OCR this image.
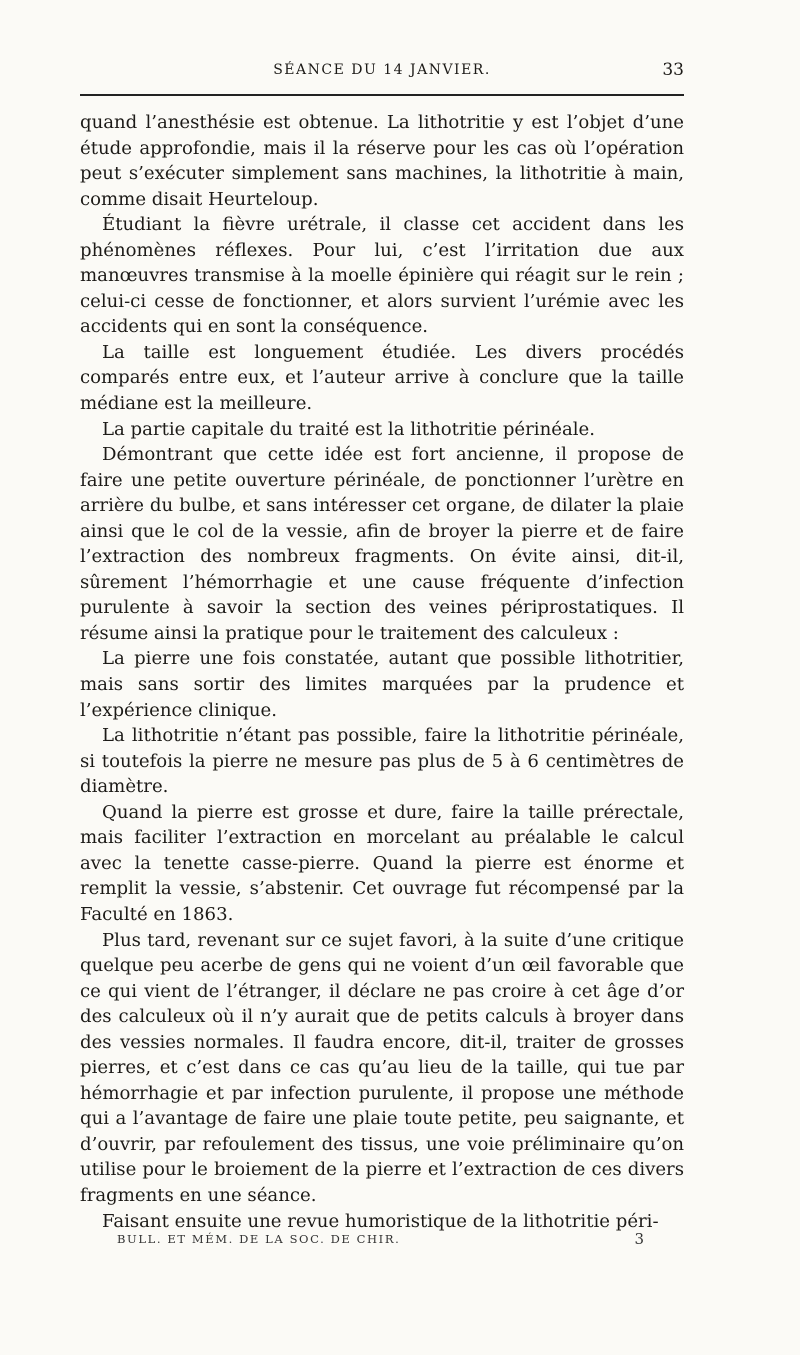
SÉANCE DU 14 JANVIER.	33

quand l’anesthésie est obtenue. La lithotritie y est l’objet d’une étude approfondie, mais il la réserve pour les cas où l’opération peut s’exécuter simplement sans machines, la lithotritie à main, comme disait Heurteloup.

Étudiant la fièvre urétrale, il classe cet accident dans les phénomènes réflexes. Pour lui, c’est l’irritation due aux manœuvres transmise à la moelle épinière qui réagit sur le rein ; celui-ci cesse de fonctionner, et alors survient l’urémie avec les accidents qui en sont la conséquence.

La taille est longuement étudiée. Les divers procédés comparés entre eux, et l’auteur arrive à conclure que la taille médiane est la meilleure.

La partie capitale du traité est la lithotritie périnéale.

Démontrant que cette idée est fort ancienne, il propose de faire une petite ouverture périnéale, de ponctionner l’urètre en arrière du bulbe, et sans intéresser cet organe, de dilater la plaie ainsi que le col de la vessie, afin de broyer la pierre et de faire l’extraction des nombreux fragments. On évite ainsi, dit-il, sûrement l’hémorrhagie et une cause fréquente d’infection purulente à savoir la section des veines périprostatiques. Il résume ainsi la pratique pour le traitement des calculeux :

La pierre une fois constatée, autant que possible lithotritier, mais sans sortir des limites marquées par la prudence et l’expérience clinique.

La lithotritie n’étant pas possible, faire la lithotritie périnéale, si toutefois la pierre ne mesure pas plus de 5 à 6 centimètres de diamètre.

Quand la pierre est grosse et dure, faire la taille prérectale, mais faciliter l’extraction en morcelant au préalable le calcul avec la tenette casse-pierre. Quand la pierre est énorme et remplit la vessie, s’abstenir. Cet ouvrage fut récompensé par la Faculté en 1863.

Plus tard, revenant sur ce sujet favori, à la suite d’une critique quelque peu acerbe de gens qui ne voient d’un œil favorable que ce qui vient de l’étranger, il déclare ne pas croire à cet âge d’or des calculeux où il n’y aurait que de petits calculs à broyer dans des vessies normales. Il faudra encore, dit-il, traiter de grosses pierres, et c’est dans ce cas qu’au lieu de la taille, qui tue par hémorrhagie et par infection purulente, il propose une méthode qui a l’avantage de faire une plaie toute petite, peu saignante, et d’ouvrir, par refoulement des tissus, une voie préliminaire qu’on utilise pour le broiement de la pierre et l’extraction de ces divers fragments en une séance.

Faisant ensuite une revue humoristique de la lithotritie péri-

BULL. ET MÉM. DE LA SOC. DE CHIR.	3
